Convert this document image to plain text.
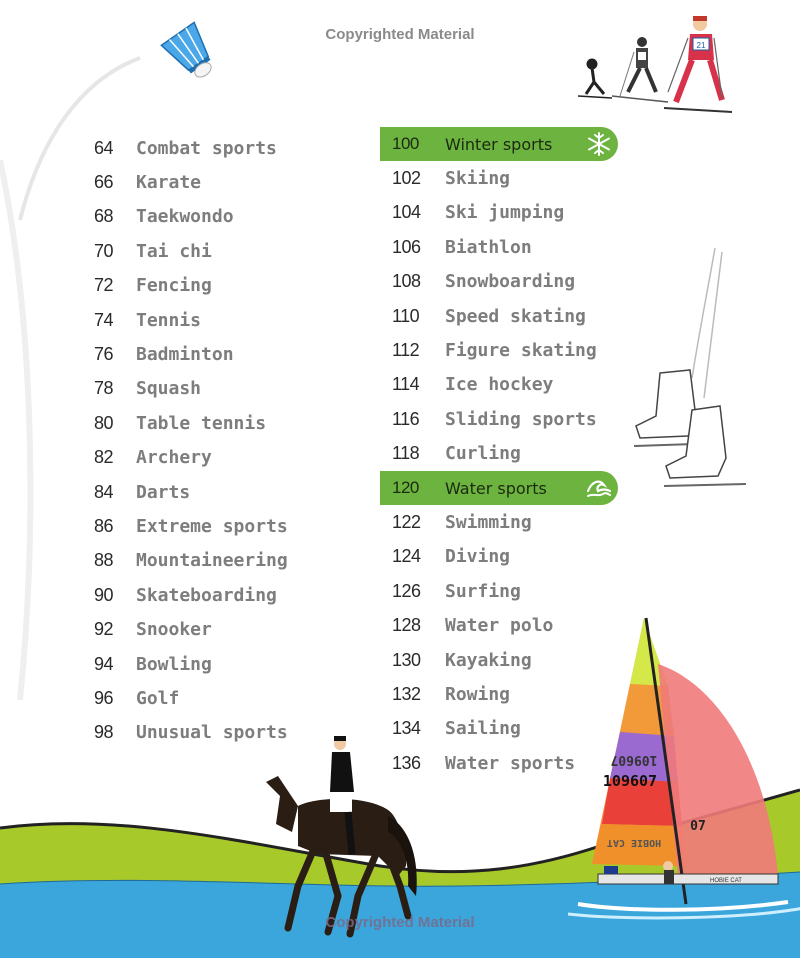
21
109607
109607
07
HOBIE CAT
HOBIE CAT
Copyrighted Material
Copyrighted Material
64	Combat sports
66	Karate
68	Taekwondo
70	Tai chi
72	Fencing
74	Tennis
76	Badminton
78	Squash
80	Table tennis
82	Archery
84	Darts
86	Extreme sports
88	Mountaineering
90	Skateboarding
92	Snooker
94	Bowling
96	Golf
98	Unusual sports
100	Winter sports
102	Skiing
104	Ski jumping
106	Biathlon
108	Snowboarding
110	Speed skating
112	Figure skating
114	Ice hockey
116	Sliding sports
118	Curling
120	Water sports
122	Swimming
124	Diving
126	Surfing
128	Water polo
130	Kayaking
132	Rowing
134	Sailing
136	Water sports
